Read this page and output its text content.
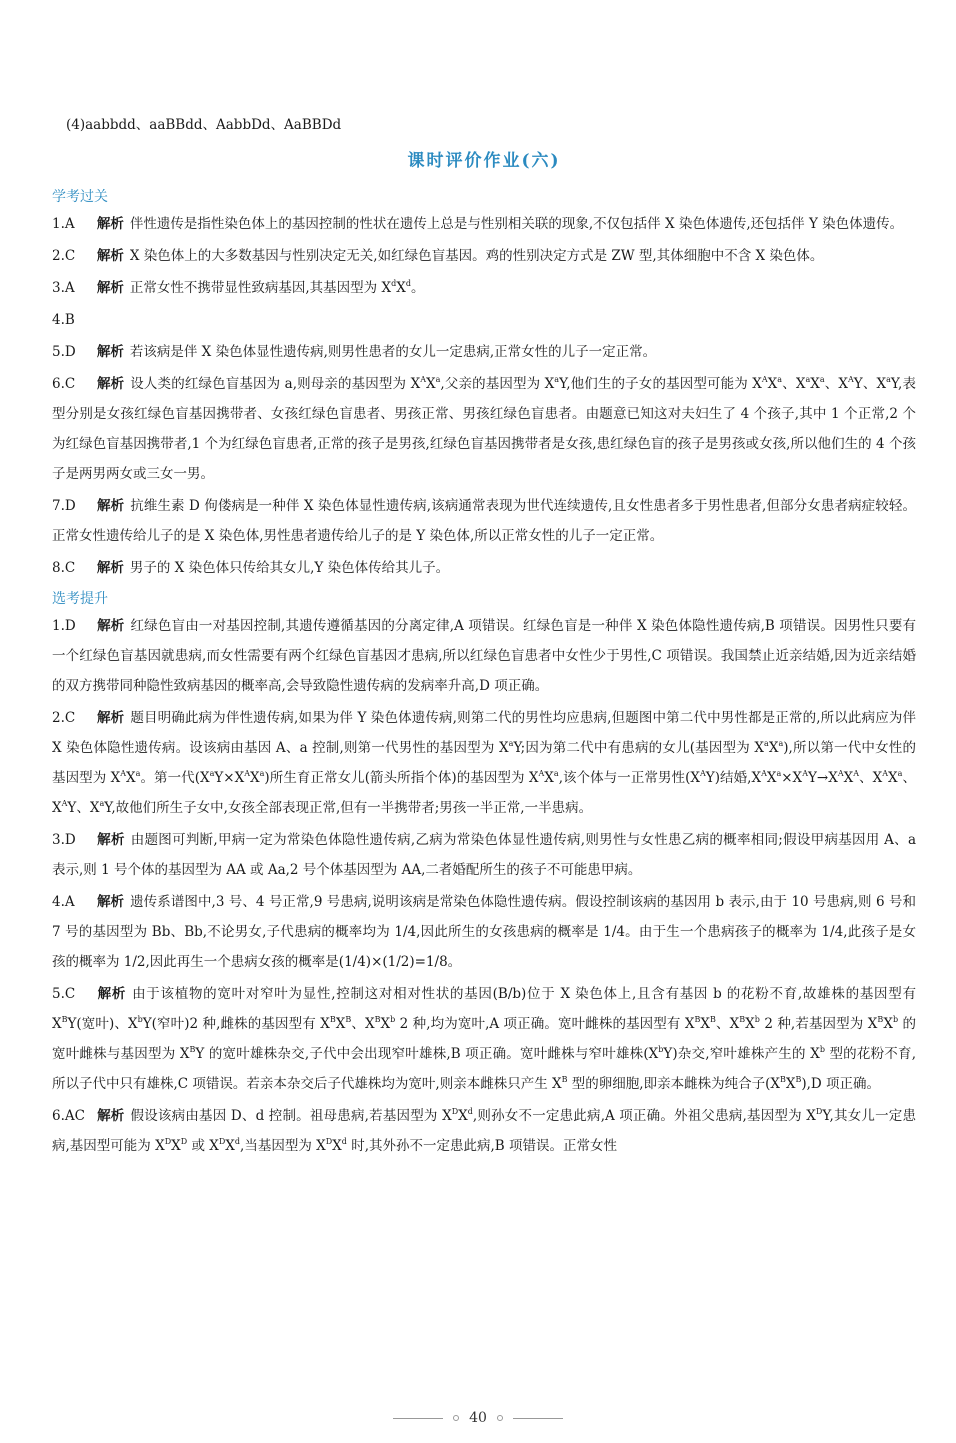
(4)aabbdd、aaBBdd、AabbDd、AaBBDd
课时评价作业(六)
学考过关
1.A 解析 伴性遗传是指性染色体上的基因控制的性状在遗传上总是与性别相关联的现象,不仅包括伴 X 染色体遗传,还包括伴 Y 染色体遗传。
2.C 解析 X 染色体上的大多数基因与性别决定无关,如红绿色盲基因。鸡的性别决定方式是 ZW 型,其体细胞中不含 X 染色体。
3.A 解析 正常女性不携带显性致病基因,其基因型为 $X^dX^d$。
4.B
5.D 解析 若该病是伴 X 染色体显性遗传病,则男性患者的女儿一定患病,正常女性的儿子一定正常。
6.C 解析 设人类的红绿色盲基因为 a,则母亲的基因型为 $X^AX^a$,父亲的基因型为 $X^aY$,他们生的子女的基因型可能为 $X^AX^a$、$X^aX^a$、$X^AY$、$X^aY$,表型分别是女孩红绿色盲基因携带者、女孩红绿色盲患者、男孩正常、男孩红绿色盲患者。由题意已知这对夫妇生了 4 个孩子,其中 1 个正常,2 个为红绿色盲基因携带者,1 个为红绿色盲患者,正常的孩子是男孩,红绿色盲基因携带者是女孩,患红绿色盲的孩子是男孩或女孩,所以他们生的 4 个孩子是两男两女或三女一男。
7.D 解析 抗维生素 D 佝偻病是一种伴 X 染色体显性遗传病,该病通常表现为世代连续遗传,且女性患者多于男性患者,但部分女患者病症较轻。正常女性遗传给儿子的是 X 染色体,男性患者遗传给儿子的是 Y 染色体,所以正常女性的儿子一定正常。
8.C 解析 男子的 X 染色体只传给其女儿,Y 染色体传给其儿子。
选考提升
1.D 解析 红绿色盲由一对基因控制,其遗传遵循基因的分离定律,A 项错误。红绿色盲是一种伴 X 染色体隐性遗传病,B 项错误。因男性只要有一个红绿色盲基因就患病,而女性需要有两个红绿色盲基因才患病,所以红绿色盲患者中女性少于男性,C 项错误。我国禁止近亲结婚,因为近亲结婚的双方携带同种隐性致病基因的概率高,会导致隐性遗传病的发病率升高,D 项正确。
2.C 解析 题目明确此病为伴性遗传病,如果为伴 Y 染色体遗传病,则第二代的男性均应患病,但题图中第二代中男性都是正常的,所以此病应为伴 X 染色体隐性遗传病。设该病由基因 A、a 控制,则第一代男性的基因型为 $X^aY$;因为第二代中有患病的女儿(基因型为 $X^aX^a$),所以第一代中女性的基因型为 $X^AX^a$。第一代$(X^aY\times X^AX^a)$所生育正常女儿(箭头所指个体)的基因型为 $X^AX^a$,该个体与一正常男性$(X^AY)$结婚$,X^AX^a\times X^AY\to X^AX^A$、$X^AX^a$、$X^AY$、$X^aY$,故他们所生子女中,女孩全部表现正常,但有一半携带者;男孩一半正常,一半患病。
3.D 解析 由题图可判断,甲病一定为常染色体隐性遗传病,乙病为常染色体显性遗传病,则男性与女性患乙病的概率相同;假设甲病基因用 A、a 表示,则 1 号个体的基因型为 AA 或 Aa,2 号个体基因型为 AA,二者婚配所生的孩子不可能患甲病。
4.A 解析 遗传系谱图中,3 号、4 号正常,9 号患病,说明该病是常染色体隐性遗传病。假设控制该病的基因用 b 表示,由于 10 号患病,则 6 号和 7 号的基因型为 Bb、Bb,不论男女,子代患病的概率均为 1/4,因此所生的女孩患病的概率是 1/4。由于生一个患病孩子的概率为 1/4,此孩子是女孩的概率为 1/2,因此再生一个患病女孩的概率是(1/4)×(1/2)=1/8。
5.C 解析 由于该植物的宽叶对窄叶为显性,控制这对相对性状的基因(B/b)位于 X 染色体上,且含有基因 b 的花粉不育,故雄株的基因型有 $X^BY$(宽叶)、$X^bY$(窄叶)2 种,雌株的基因型有 $X^BX^B$、$X^BX^b$ 2 种,均为宽叶,A 项正确。宽叶雌株的基因型有 $X^BX^B$、$X^BX^b$ 2 种,若基因型为 $X^BX^b$ 的宽叶雌株与基因型为 $X^BY$ 的宽叶雄株杂交,子代中会出现窄叶雄株,B 项正确。宽叶雌株与窄叶雄株$(X^bY)$杂交,窄叶雄株产生的 $X^b$ 型的花粉不育,所以子代中只有雄株,C 项错误。若亲本杂交后子代雄株均为宽叶,则亲本雌株只产生 $X^B$ 型的卵细胞,即亲本雌株为纯合子$(X^BX^B),D$ 项正确。
6.AC 解析 假设该病由基因 D、d 控制。祖母患病,若基因型为 $X^DX^d$,则孙女不一定患此病,A 项正确。外祖父患病,基因型为 $X^DY$,其女儿一定患病,基因型可能为 $X^DX^D$ 或 $X^DX^d$,当基因型为 $X^DX^d$ 时,其外孙不一定患此病,B 项错误。正常女性
40
